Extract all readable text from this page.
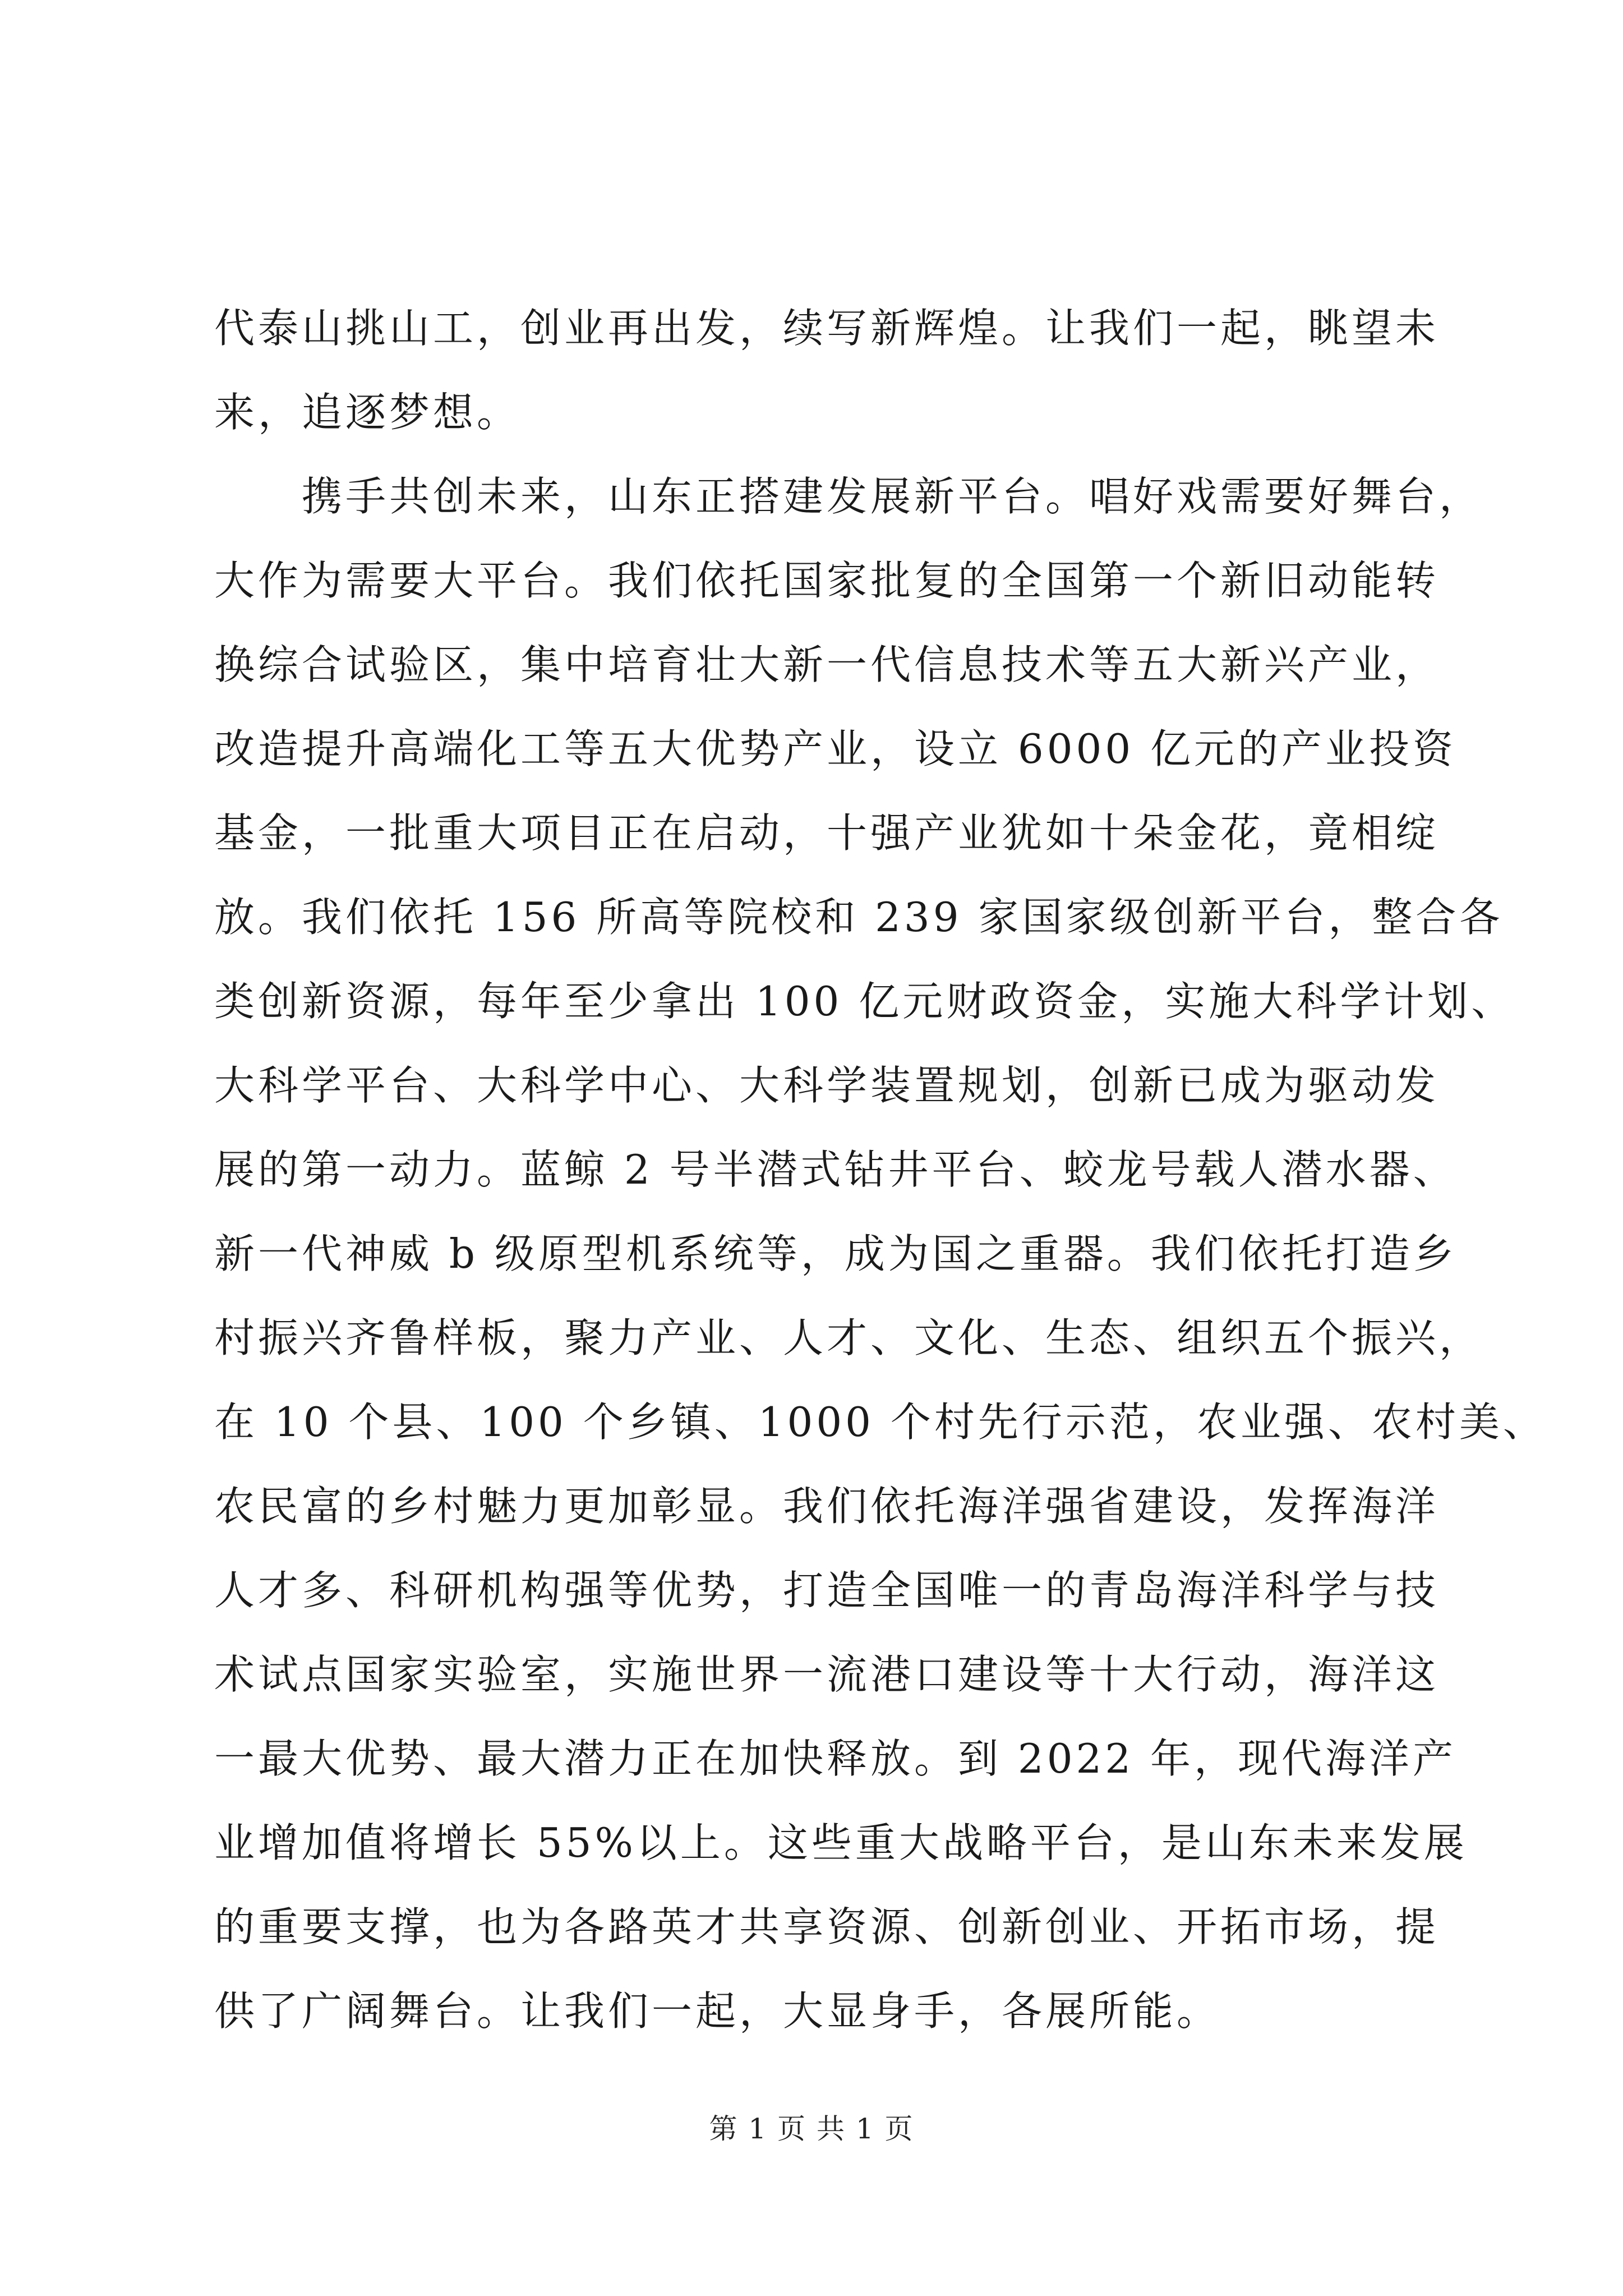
代泰山挑山工，创业再出发，续写新辉煌。让我们一起，眺望未
来，追逐梦想。
携手共创未来，山东正搭建发展新平台。唱好戏需要好舞台，
大作为需要大平台。我们依托国家批复的全国第一个新旧动能转
换综合试验区，集中培育壮大新一代信息技术等五大新兴产业，
改造提升高端化工等五大优势产业，设立 6000 亿元的产业投资
基金，一批重大项目正在启动，十强产业犹如十朵金花，竟相绽
放。我们依托 156 所高等院校和 239 家国家级创新平台，整合各
类创新资源，每年至少拿出 100 亿元财政资金，实施大科学计划、
大科学平台、大科学中心、大科学装置规划，创新已成为驱动发
展的第一动力。蓝鲸 2 号半潜式钻井平台、蛟龙号载人潜水器、
新一代神威 b 级原型机系统等，成为国之重器。我们依托打造乡
村振兴齐鲁样板，聚力产业、人才、文化、生态、组织五个振兴，
在 10 个县、100 个乡镇、1000 个村先行示范，农业强、农村美、
农民富的乡村魅力更加彰显。我们依托海洋强省建设，发挥海洋
人才多、科研机构强等优势，打造全国唯一的青岛海洋科学与技
术试点国家实验室，实施世界一流港口建设等十大行动，海洋这
一最大优势、最大潜力正在加快释放。到 2022 年，现代海洋产
业增加值将增长 55%以上。这些重大战略平台，是山东未来发展
的重要支撑，也为各路英才共享资源、创新创业、开拓市场，提
供了广阔舞台。让我们一起，大显身手，各展所能。
第 1 页 共 1 页
